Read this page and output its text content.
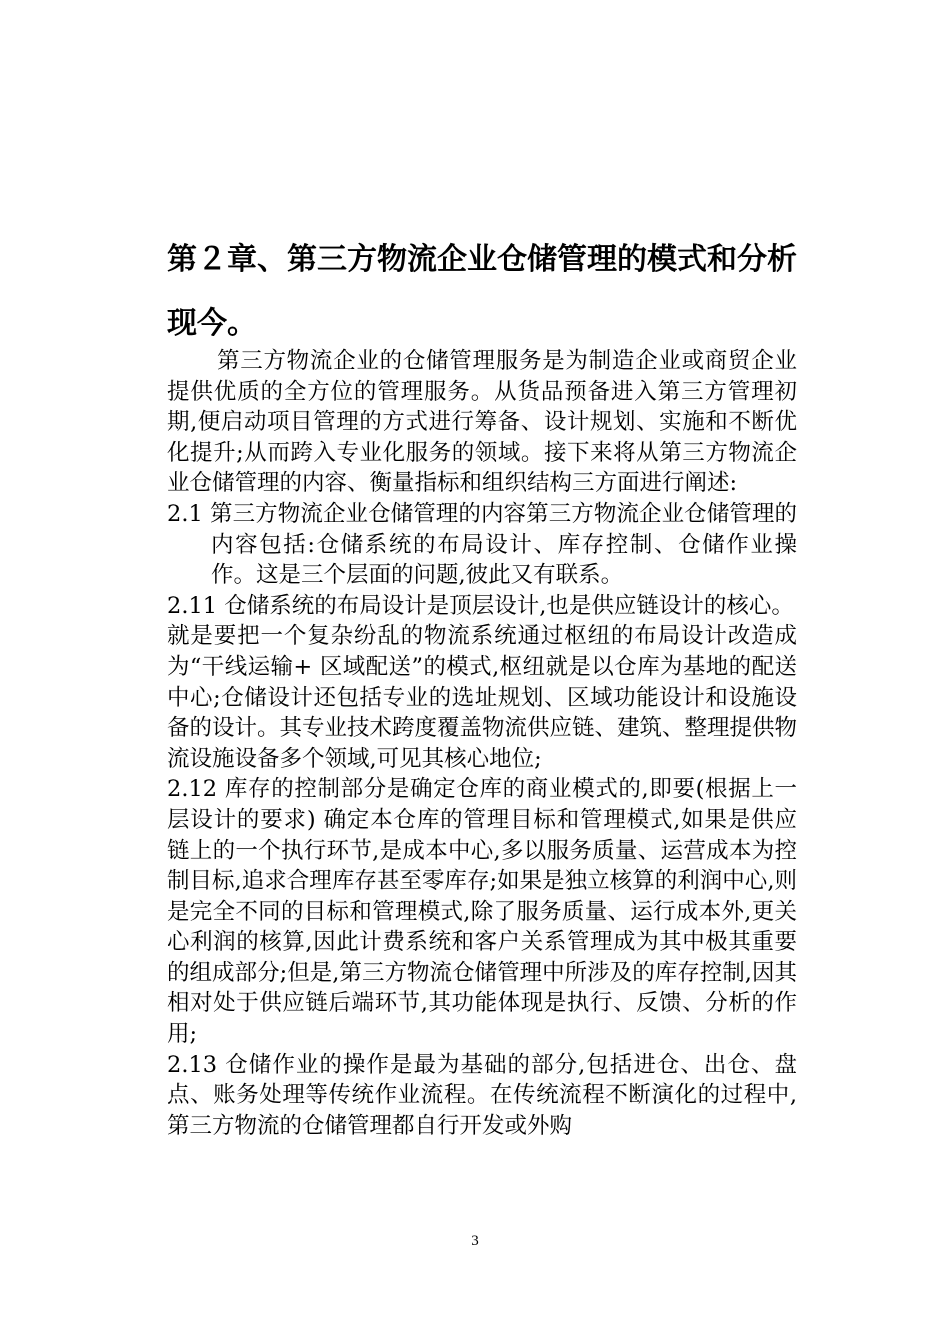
第２章、第三方物流企业仓储管理的模式和分析
现今。

第三方物流企业的仓储管理服务是为制造企业或商贸企业提供优质的全方位的管理服务。从货品预备进入第三方管理初期,便启动项目管理的方式进行筹备、设计规划、实施和不断优化提升;从而跨入专业化服务的领域。接下来将从第三方物流企业仓储管理的内容、衡量指标和组织结构三方面进行阐述:

2.1 第三方物流企业仓储管理的内容第三方物流企业仓储管理的内容包括:仓储系统的布局设计、库存控制、仓储作业操作。这是三个层面的问题,彼此又有联系。

2.11 仓储系统的布局设计是顶层设计,也是供应链设计的核心。

就是要把一个复杂纷乱的物流系统通过枢纽的布局设计改造成为“干线运输+ 区域配送”的模式,枢纽就是以仓库为基地的配送中心;仓储设计还包括专业的选址规划、区域功能设计和设施设备的设计。其专业技术跨度覆盖物流供应链、建筑、整理提供物流设施设备多个领域,可见其核心地位;

2.12 库存的控制部分是确定仓库的商业模式的,即要(根据上一层设计的要求) 确定本仓库的管理目标和管理模式,如果是供应链上的一个执行环节,是成本中心,多以服务质量、运营成本为控制目标,追求合理库存甚至零库存;如果是独立核算的利润中心,则是完全不同的目标和管理模式,除了服务质量、运行成本外,更关心利润的核算,因此计费系统和客户关系管理成为其中极其重要的组成部分;但是,第三方物流仓储管理中所涉及的库存控制,因其相对处于供应链后端环节,其功能体现是执行、反馈、分析的作用;

2.13 仓储作业的操作是最为基础的部分,包括进仓、出仓、盘点、账务处理等传统作业流程。在传统流程不断演化的过程中,第三方物流的仓储管理都自行开发或外购

3
